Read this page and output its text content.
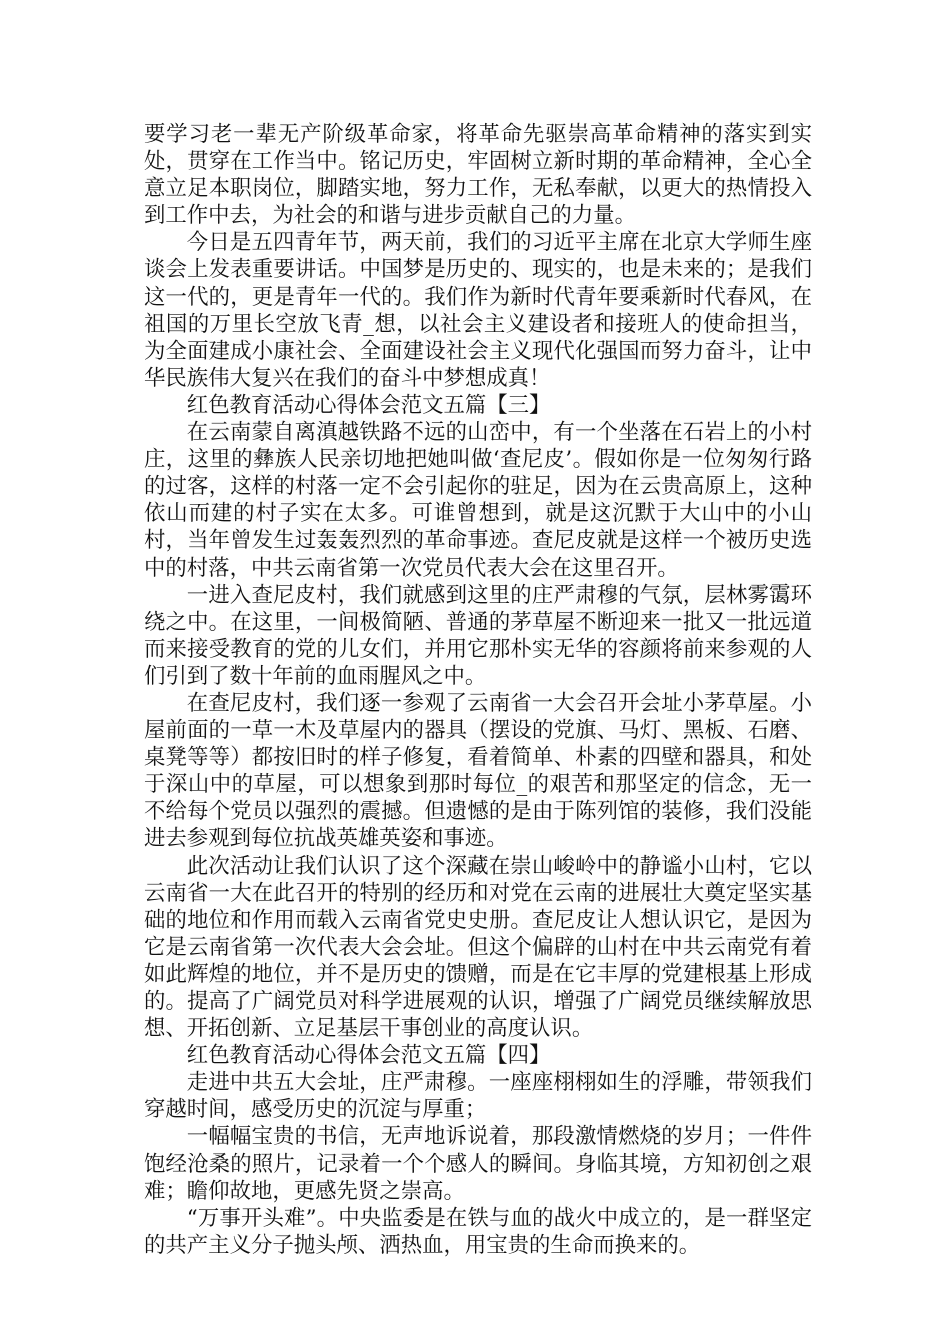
要学习老一辈无产阶级革命家，将革命先驱崇高革命精神的落实到实处，贯穿在工作当中。铭记历史，牢固树立新时期的革命精神，全心全意立足本职岗位，脚踏实地，努力工作，无私奉献，以更大的热情投入到工作中去，为社会的和谐与进步贡献自己的力量。

今日是五四青年节，两天前，我们的习近平主席在北京大学师生座谈会上发表重要讲话。中国梦是历史的、现实的，也是未来的；是我们这一代的，更是青年一代的。我们作为新时代青年要乘新时代春风，在祖国的万里长空放飞青_想，以社会主义建设者和接班人的使命担当，为全面建成小康社会、全面建设社会主义现代化强国而努力奋斗，让中华民族伟大复兴在我们的奋斗中梦想成真！

红色教育活动心得体会范文五篇【三】

在云南蒙自离滇越铁路不远的山峦中，有一个坐落在石岩上的小村庄，这里的彝族人民亲切地把她叫做‘查尼皮’。假如你是一位匆匆行路的过客，这样的村落一定不会引起你的驻足，因为在云贵高原上，这种依山而建的村子实在太多。可谁曾想到，就是这沉默于大山中的小山村，当年曾发生过轰轰烈烈的革命事迹。查尼皮就是这样一个被历史选中的村落，中共云南省第一次党员代表大会在这里召开。

一进入查尼皮村，我们就感到这里的庄严肃穆的气氛，层林雾霭环绕之中。在这里，一间极简陋、普通的茅草屋不断迎来一批又一批远道而来接受教育的党的儿女们，并用它那朴实无华的容颜将前来参观的人们引到了数十年前的血雨腥风之中。

在查尼皮村，我们逐一参观了云南省一大会召开会址小茅草屋。小屋前面的一草一木及草屋内的器具（摆设的党旗、马灯、黑板、石磨、桌凳等等）都按旧时的样子修复，看着简单、朴素的四壁和器具，和处于深山中的草屋，可以想象到那时每位_的艰苦和那坚定的信念，无一不给每个党员以强烈的震撼。但遗憾的是由于陈列馆的装修，我们没能进去参观到每位抗战英雄英姿和事迹。

此次活动让我们认识了这个深藏在崇山峻岭中的静谧小山村，它以云南省一大在此召开的特别的经历和对党在云南的进展壮大奠定坚实基础的地位和作用而载入云南省党史史册。查尼皮让人想认识它，是因为它是云南省第一次代表大会会址。但这个偏辟的山村在中共云南党有着如此辉煌的地位，并不是历史的馈赠，而是在它丰厚的党建根基上形成的。提高了广阔党员对科学进展观的认识，增强了广阔党员继续解放思想、开拓创新、立足基层干事创业的高度认识。

红色教育活动心得体会范文五篇【四】

走进中共五大会址，庄严肃穆。一座座栩栩如生的浮雕，带领我们穿越时间，感受历史的沉淀与厚重；

一幅幅宝贵的书信，无声地诉说着，那段激情燃烧的岁月；一件件饱经沧桑的照片，记录着一个个感人的瞬间。身临其境，方知初创之艰难；瞻仰故地，更感先贤之崇高。

“万事开头难”。中央监委是在铁与血的战火中成立的，是一群坚定的共产主义分子抛头颅、洒热血，用宝贵的生命而换来的。
